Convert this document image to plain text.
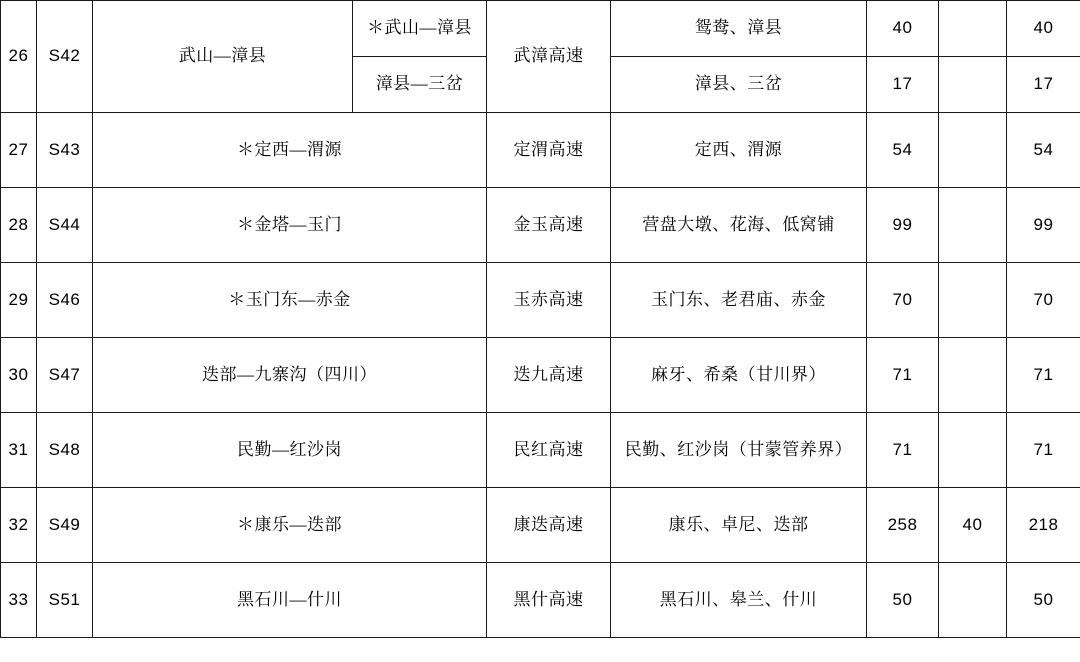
26	S42	武山—漳县	＊武山—漳县	武漳高速	鸳鸯、漳县	40		40
			漳县—三岔		漳县、三岔	17		17
27	S43	＊定西—渭源		定渭高速	定西、渭源	54		54
28	S44	＊金塔—玉门		金玉高速	营盘大墩、花海、低窝铺	99		99
29	S46	＊玉门东—赤金		玉赤高速	玉门东、老君庙、赤金	70		70
30	S47	迭部—九寨沟（四川）		迭九高速	麻牙、希桑（甘川界）	71		71
31	S48	民勤—红沙岗		民红高速	民勤、红沙岗（甘蒙管养界）	71		71
32	S49	＊康乐—迭部		康迭高速	康乐、卓尼、迭部	258	40	218
33	S51	黑石川—什川		黑什高速	黑石川、皋兰、什川	50		50
